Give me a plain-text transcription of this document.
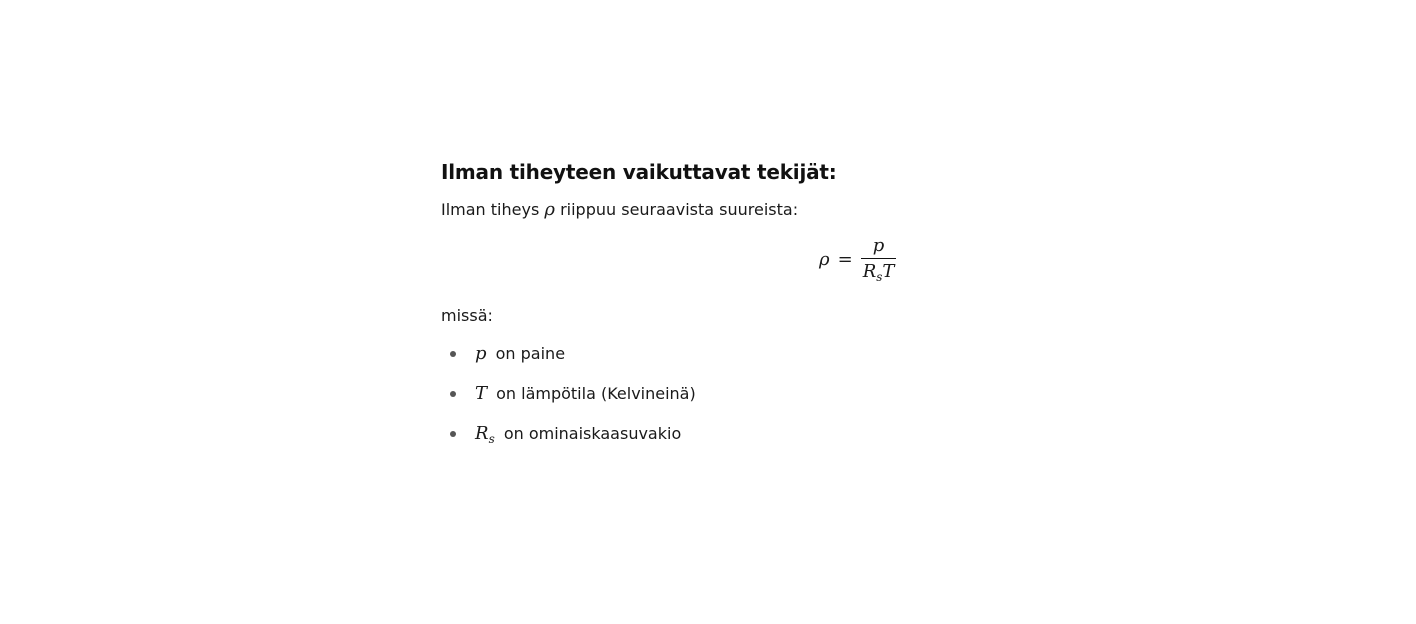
Ilman tiheyteen vaikuttavat tekijät:

Ilman tiheys ρ riippuu seuraavista suureista:

$\rho = \frac{p}{R_sT}$

missä:

p on paine
T on lämpötila (Kelvineinä)
$R_s$ on ominaiskaasuvakio
